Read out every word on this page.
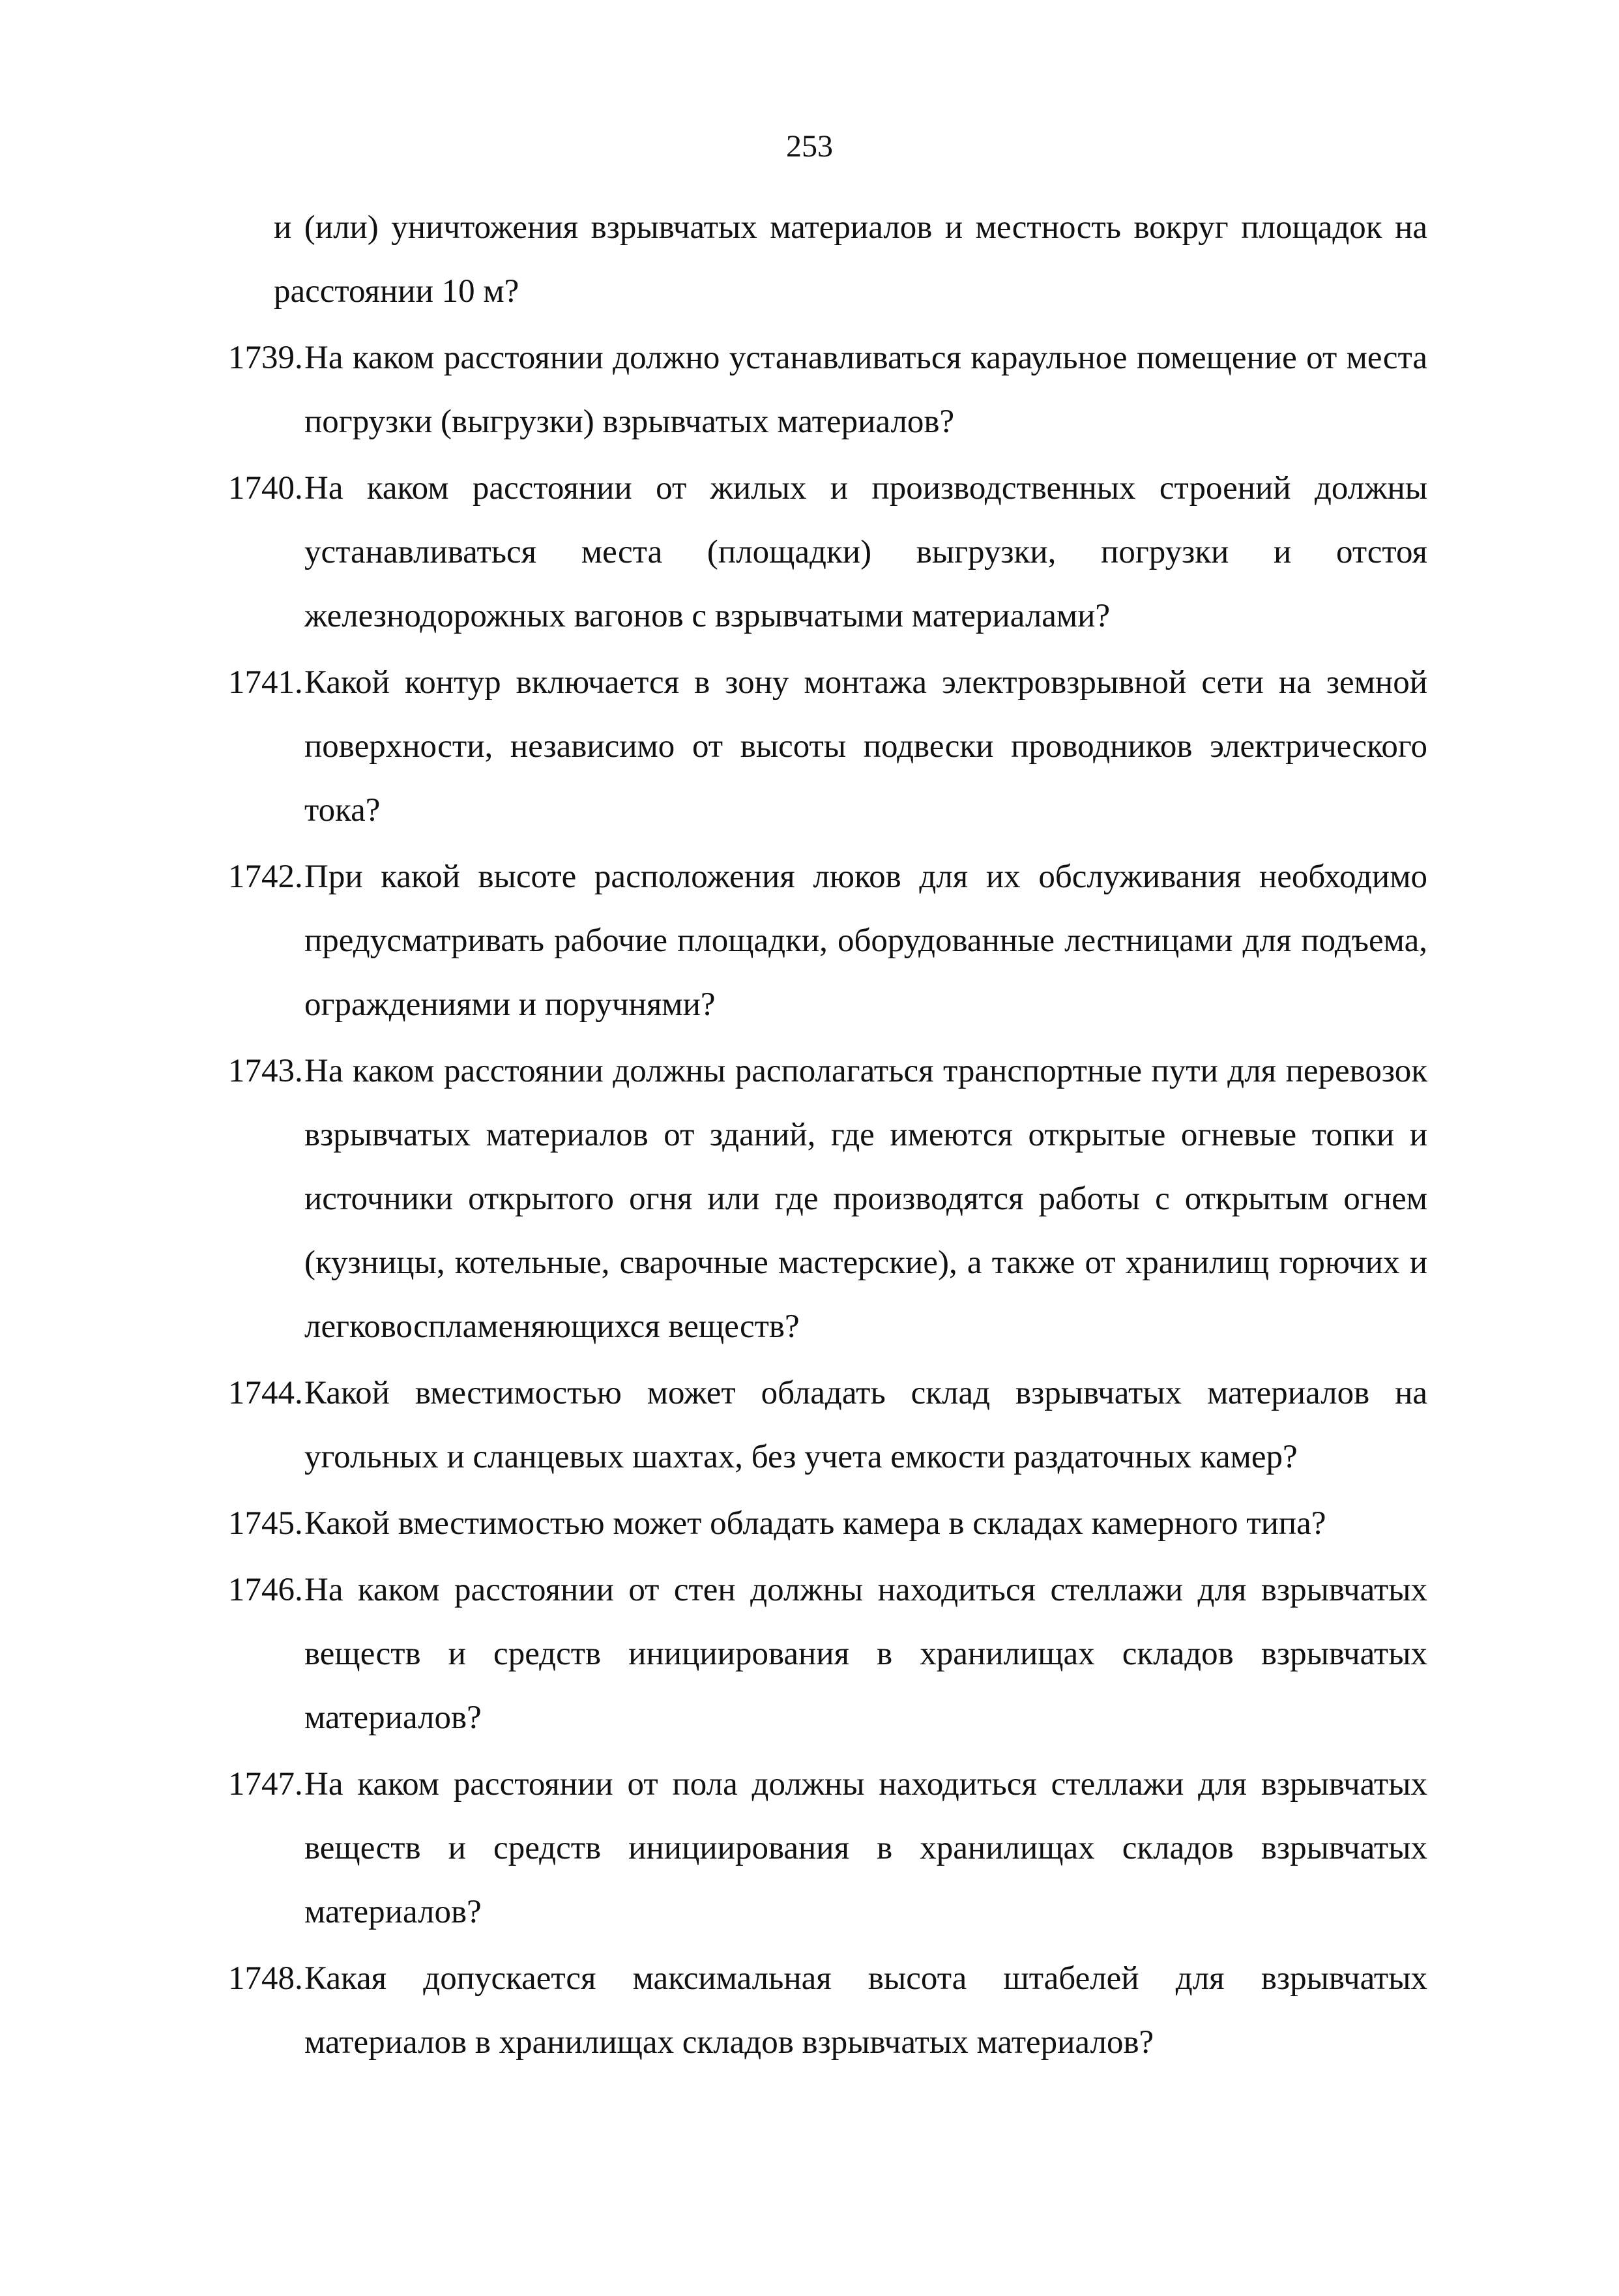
253
и (или) уничтожения взрывчатых материалов и местность вокруг площадок на расстоянии 10 м?
1739. На каком расстоянии должно устанавливаться караульное помещение от места погрузки (выгрузки) взрывчатых материалов?
1740. На каком расстоянии от жилых и производственных строений должны устанавливаться места (площадки) выгрузки, погрузки и отстоя железнодорожных вагонов с взрывчатыми материалами?
1741. Какой контур включается в зону монтажа электровзрывной сети на земной поверхности, независимо от высоты подвески проводников электрического тока?
1742. При какой высоте расположения люков для их обслуживания необходимо предусматривать рабочие площадки, оборудованные лестницами для подъема, ограждениями и поручнями?
1743. На каком расстоянии должны располагаться транспортные пути для перевозок взрывчатых материалов от зданий, где имеются открытые огневые топки и источники открытого огня или где производятся работы с открытым огнем (кузницы, котельные, сварочные мастерские), а также от хранилищ горючих и легковоспламеняющихся веществ?
1744. Какой вместимостью может обладать склад взрывчатых материалов на угольных и сланцевых шахтах, без учета емкости раздаточных камер?
1745. Какой вместимостью может обладать камера в складах камерного типа?
1746. На каком расстоянии от стен должны находиться стеллажи для взрывчатых веществ и средств инициирования в хранилищах складов взрывчатых материалов?
1747. На каком расстоянии от пола должны находиться стеллажи для взрывчатых веществ и средств инициирования в хранилищах складов взрывчатых материалов?
1748. Какая допускается максимальная высота штабелей для взрывчатых материалов в хранилищах складов взрывчатых материалов?
